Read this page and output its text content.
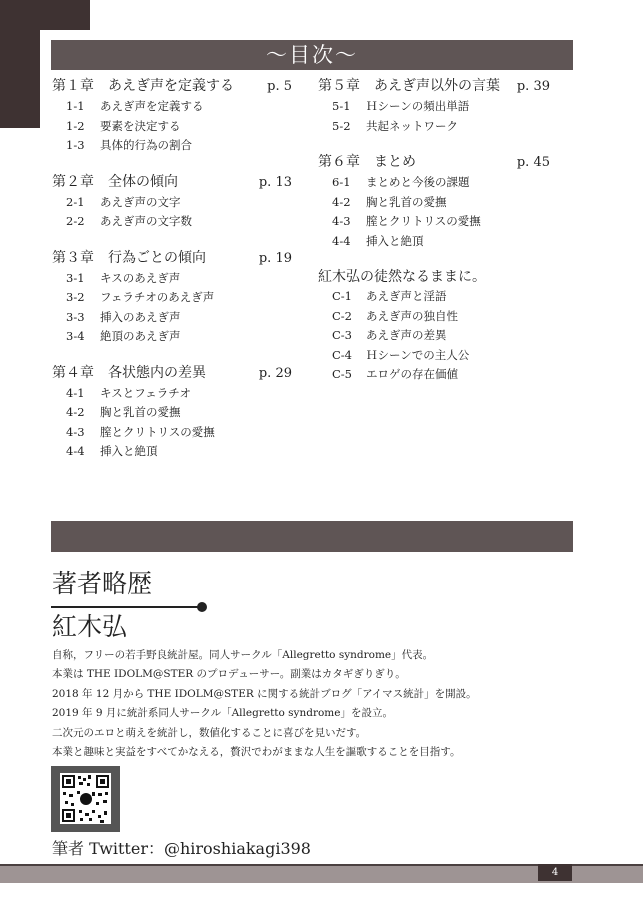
〜目次〜
第１章　あえぎ声を定義する	p. 5
1-1 あえぎ声を定義する
1-2 要素を決定する
1-3 具体的行為の割合
第２章　全体の傾向	p. 13
2-1 あえぎ声の文字
2-2 あえぎ声の文字数
第３章　行為ごとの傾向	p. 19
3-1 キスのあえぎ声
3-2 フェラチオのあえぎ声
3-3 挿入のあえぎ声
3-4 絶頂のあえぎ声
第４章　各状態内の差異	p. 29
4-1 キスとフェラチオ
4-2 胸と乳首の愛撫
4-3 膣とクリトリスの愛撫
4-4 挿入と絶頂
第５章　あえぎ声以外の言葉 p. 39
5-1 Ｈシーンの頻出単語
5-2 共起ネットワーク
第６章　まとめ	p. 45
6-1 まとめと今後の課題
4-2 胸と乳首の愛撫
4-3 膣とクリトリスの愛撫
4-4 挿入と絶頂
紅木弘の徒然なるままに。
C-1 あえぎ声と淫語
C-2 あえぎ声の独自性
C-3 あえぎ声の差異
C-4 Ｈシーンでの主人公
C-5 エロゲの存在価値
著者略歴
紅木弘

自称，フリーの若手野良統計屋。同人サークル「Allegretto syndrome」代表。

本業は THE IDOLM@STER のプロデューサー。副業はカタギぎりぎり。

2018 年 12 月から THE IDOLM@STER に関する統計ブログ「アイマス統計」を開設。

2019 年 9 月に統計系同人サークル「Allegretto syndrome」を設立。

二次元のエロと萌えを統計し，数値化することに喜びを見いだす。

本業と趣味と実益をすべてかなえる，贅沢でわがままな人生を謳歌することを目指す。

筆者 Twitter：@hiroshiakagi398
4
